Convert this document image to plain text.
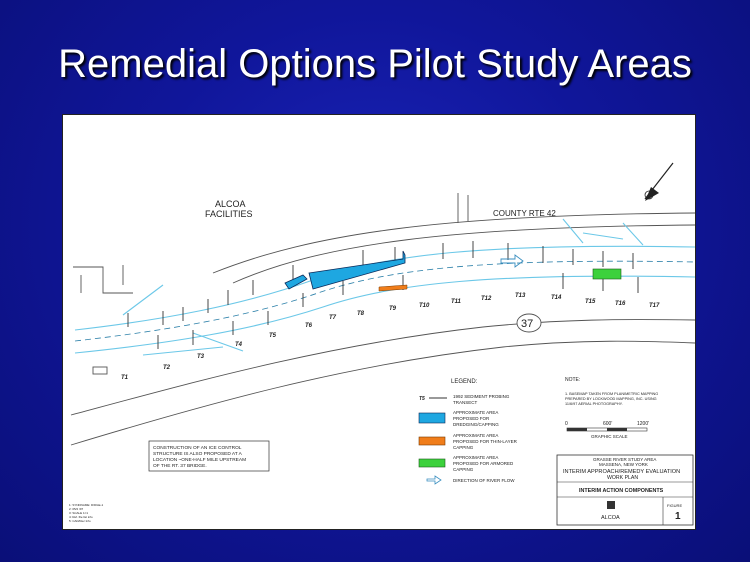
Remedial Options Pilot Study Areas
ALCOA
FACILITIES	COUNTY RTE 42
37
T1
T2
T3
T4
T5
T6
T7
T8
T9	T10
T11	T12	T13	T14
T15	T16	T17
CONSTRUCTION OF AN ICE CONTROL
STRUCTURE IS ALSO PROPOSED AT A
LOCATION ~ONE-HALF MILE UPSTREAM
OF THE RT. 37 BRIDGE.
LEGEND:
T5	1992 SEDIMENT PROBING
TRANSECT
APPROXIMATE AREA
PROPOSED FOR
DREDGING/CAPPING
APPROXIMATE AREA
PROPOSED FOR THIN-LAYER
CAPPING
APPROXIMATE AREA
PROPOSED FOR ARMORED
CAPPING
DIRECTION OF RIVER FLOW
NOTE:
1. BASEMAP TAKEN FROM PLANIMETRIC MAPPING
PREPARED BY LOCKWOOD MAPPING, INC. USING
11/6/97 AERIAL PHOTOGRAPHY.
0	600'	1200'
GRAPHIC SCALE
GRASSE RIVER STUDY AREA
MASSENA, NEW YORK
INTERIM APPROACH/REMEDY EVALUATION
WORK PLAN
INTERIM ACTION COMPONENTS
ALCOA
FIGURE
1
1: SYNDNAME: D/DGE-1
2: 05/2 /97
3: SCALE 1=1
4: Ref. file list info
5: CAD/Rec Info
